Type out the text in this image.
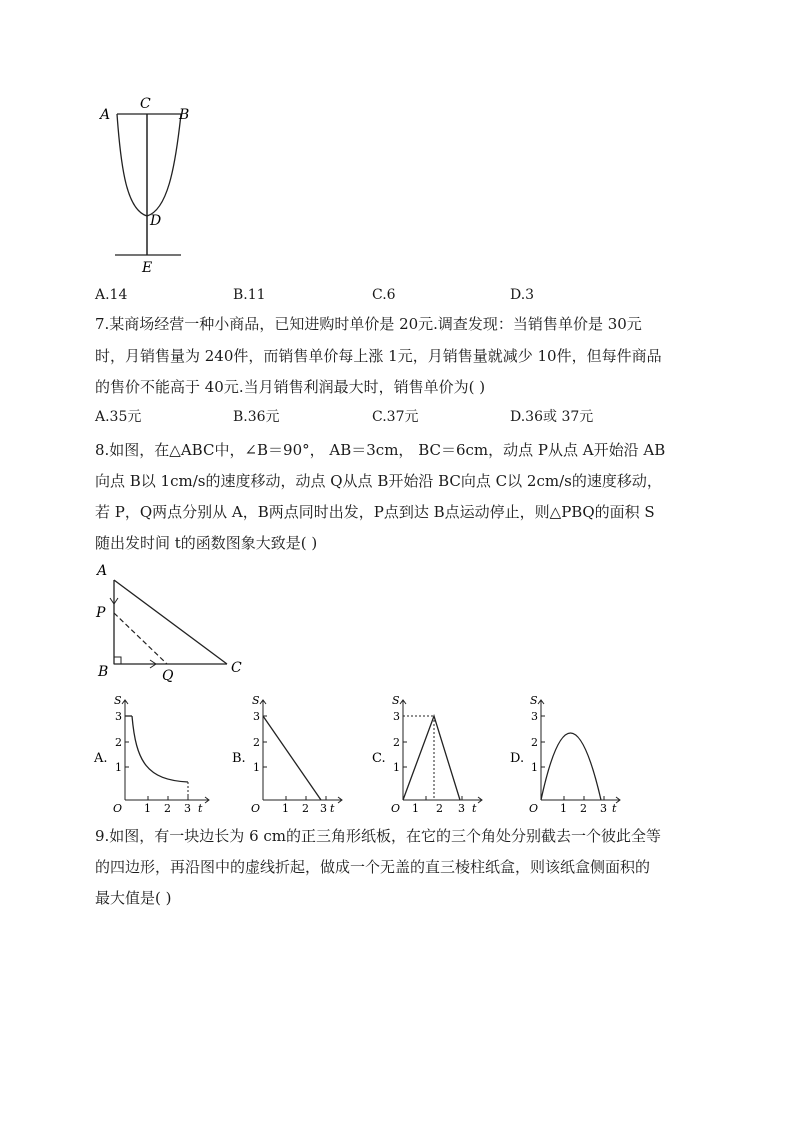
A
C
B
D
E
A.14	B.11	C.6	D.3
7.某商场经营一种小商品，已知进购时单价是 20元.调查发现：当销售单价是 30元
时，月销售量为 240件，而销售单价每上涨 1元，月销售量就减少 10件，但每件商品
的售价不能高于 40元.当月销售利润最大时，销售单价为( )
A.35元	B.36元	C.37元	D.36或 37元
8.如图，在△ABC中，∠B＝90°， AB＝3cm， BC＝6cm，动点 P从点 A开始沿 AB
向点 B以 1cm/s的速度移动，动点 Q从点 B开始沿 BC向点 C以 2cm/s的速度移动，
若 P，Q两点分别从 A，B两点同时出发，P点到达 B点运动停止，则△PBQ的面积 S
随出发时间 t的函数图象大致是( )
A
P
B	Q	C
A.
S
3
2
1
O 1 2 3 t
B.
S
3
2
1
O 1 2 3 t
C.
S
3
2
1
O 1 2 3 t
D.
S
3
2
1
O 1 2 3 t
9.如图，有一块边长为 6 cm的正三角形纸板，在它的三个角处分别截去一个彼此全等
的四边形，再沿图中的虚线折起，做成一个无盖的直三棱柱纸盒，则该纸盒侧面积的
最大值是( )
